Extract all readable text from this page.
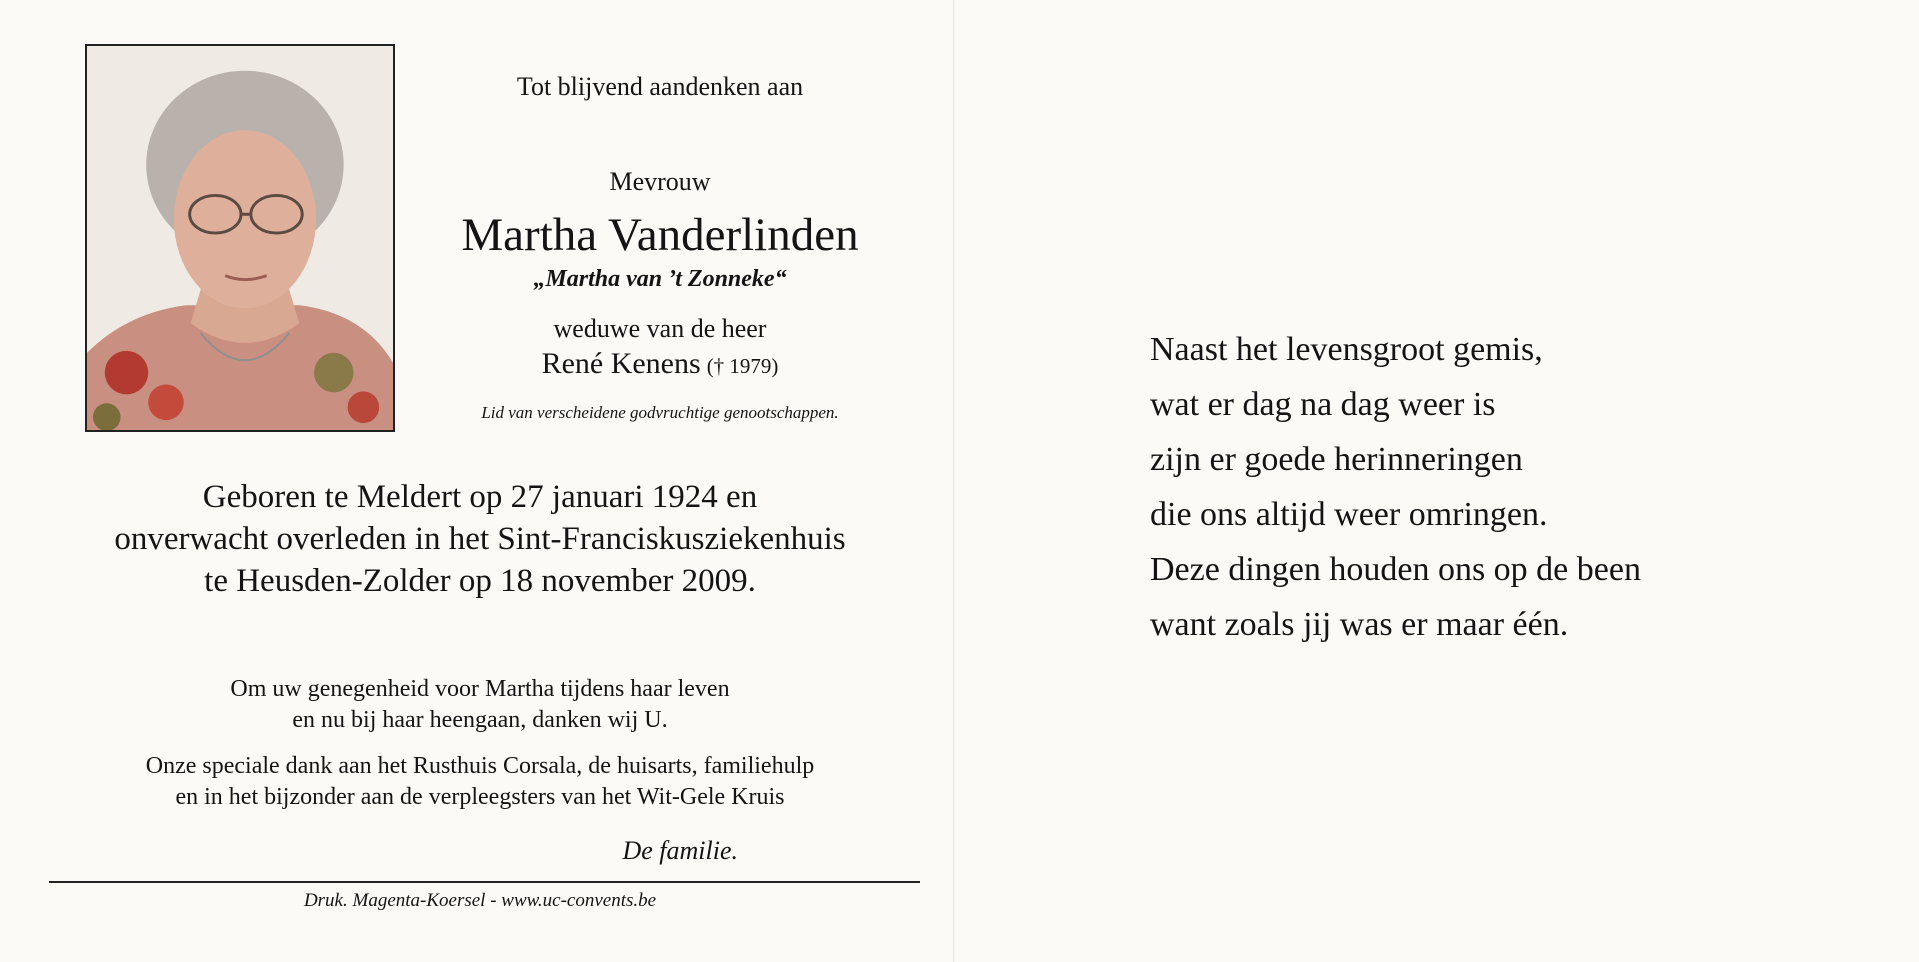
Tot blijvend aandenken aan
Mevrouw
Martha Vanderlinden
„Martha van ’t Zonneke“
weduwe van de heer
René Kenens († 1979)
Lid van verscheidene godvruchtige genootschappen.
Geboren te Meldert op 27 januari 1924 en
onverwacht overleden in het Sint-Franciskusziekenhuis
te Heusden-Zolder op 18 november 2009.
Om uw genegenheid voor Martha tijdens haar leven
en nu bij haar heengaan, danken wij U.
Onze speciale dank aan het Rusthuis Corsala, de huisarts, familiehulp
en in het bijzonder aan de verpleegsters van het Wit-Gele Kruis
De familie.
Druk. Magenta-Koersel - www.uc-convents.be
Naast het levensgroot gemis,
wat er dag na dag weer is
zijn er goede herinneringen
die ons altijd weer omringen.
Deze dingen houden ons op de been
want zoals jij was er maar één.
